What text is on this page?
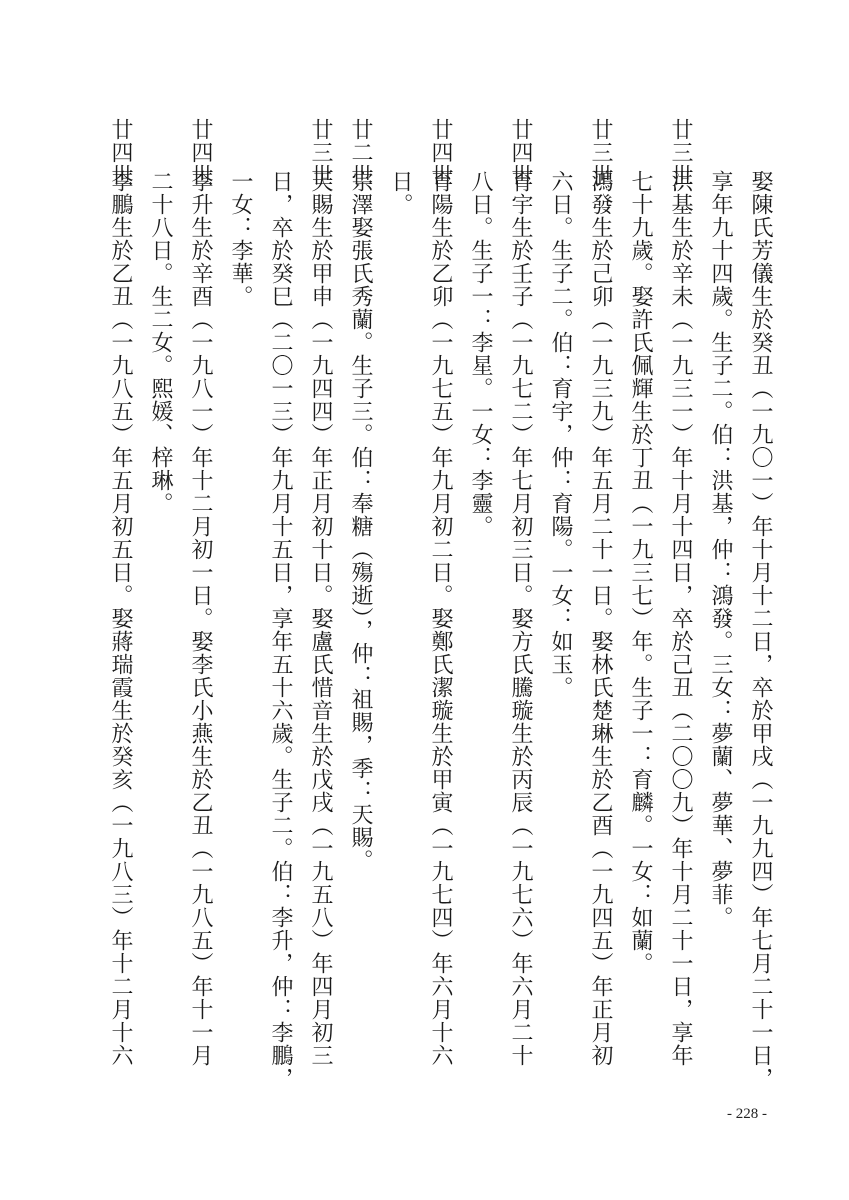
娶陳氏芳儀生於癸丑（一九〇一）年十月十二日，卒於甲戌（一九九四）年七月二十一日，
享年九十四歲。生子二。伯：洪基，仲：鴻發。三女：夢蘭、夢華、夢菲。
廿三世
洪基生於辛未（一九三一）年十月十四日，卒於己丑（二〇〇九）年十月二十一日，享年
七十九歲。娶許氏佩輝生於丁丑（一九三七）年。生子一：育麟。一女：如蘭。
廿三世
鴻發生於己卯（一九三九）年五月二十一日。娶林氏楚琳生於乙酉（一九四五）年正月初
六日。生子二。伯：育宇，仲：育陽。一女：如玉。
廿四世
育宇生於壬子（一九七二）年七月初三日。娶方氏騰璇生於丙辰（一九七六）年六月二十
八日。生子一：李星。一女：李靈。
廿四世
育陽生於乙卯（一九七五）年九月初二日。娶鄭氏潔璇生於甲寅（一九七四）年六月十六
日。
廿二世
宗澤娶張氏秀蘭。生子三。伯：奉糖（殤逝），仲：祖賜，季：天賜。
廿三世
天賜生於甲申（一九四四）年正月初十日。娶盧氏惜音生於戊戌（一九五八）年四月初三
日，卒於癸巳（二〇一三）年九月十五日，享年五十六歲。生子二。伯：李升，仲：李鵬，
一女：李華。
廿四世
李升生於辛酉（一九八一）年十二月初一日。娶李氏小燕生於乙丑（一九八五）年十一月
二十八日。生二女。熙媛、梓琳。
廿四世
李鵬生於乙丑（一九八五）年五月初五日。娶蔣瑞霞生於癸亥（一九八三）年十二月十六
- 228 -
